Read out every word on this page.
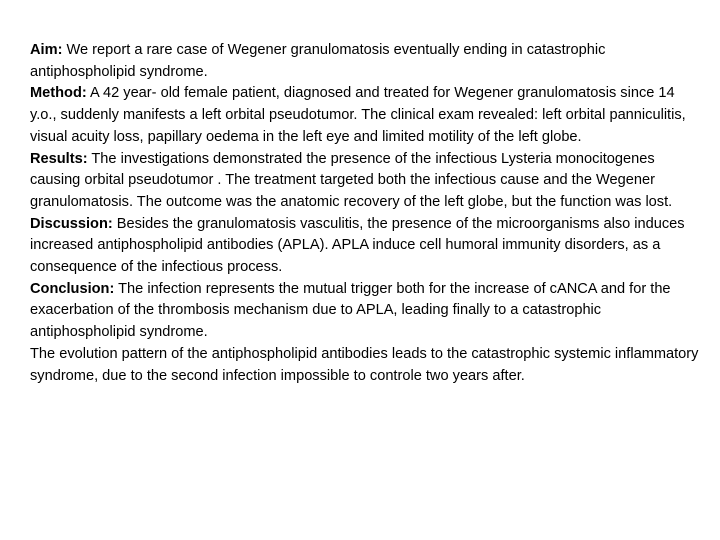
Aim: We report a rare case of Wegener granulomatosis eventually ending in catastrophic antiphospholipid syndrome.

Method: A 42 year- old female patient, diagnosed and treated for Wegener granulomatosis since 14 y.o., suddenly manifests a left orbital pseudotumor. The clinical exam revealed: left orbital panniculitis, visual acuity loss, papillary oedema in the left eye and limited motility of the left globe.

Results: The investigations demonstrated the presence of the infectious Lysteria monocitogenes causing orbital pseudotumor . The treatment targeted both the infectious cause and the Wegener granulomatosis. The outcome was the anatomic recovery of the left globe, but the function was lost.

Discussion: Besides the granulomatosis vasculitis, the presence of the microorganisms also induces increased antiphospholipid antibodies (APLA). APLA induce cell humoral immunity disorders, as a consequence of the infectious process.

Conclusion: The infection represents the mutual trigger both for the increase of cANCA and for the exacerbation of the thrombosis mechanism due to APLA, leading finally to a catastrophic antiphospholipid syndrome.

The evolution pattern of the antiphospholipid antibodies leads to the catastrophic systemic inflammatory syndrome, due to the second infection impossible to controle two years after.
